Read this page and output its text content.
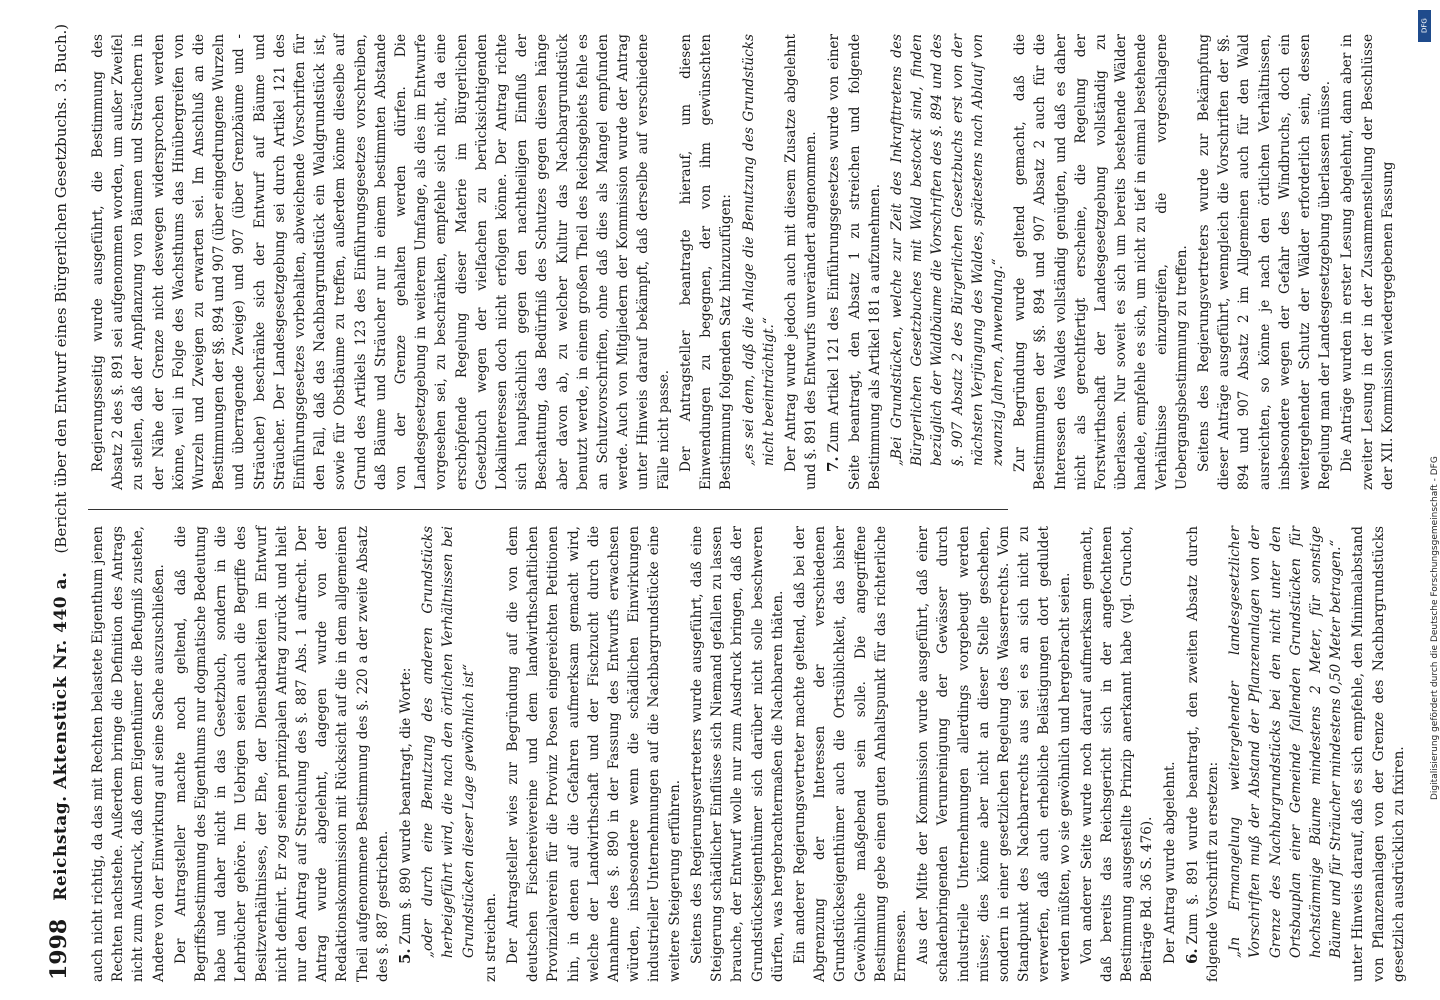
1998
Reichstag. Aktenstück Nr. 440 a.
(Bericht über den Entwurf eines Bürgerlichen Gesetzbuchs. 3. Buch.)

auch nicht richtig, da das mit Rechten belastete Eigenthum jenen Rechten nachstehe. Außerdem bringe die Definition des Antrags nicht zum Ausdruck, daß dem Eigenthümer die Befugniß zustehe, Andere von der Einwirkung auf seine Sache auszuschließen. Der Antragsteller machte noch geltend, daß die Begriffsbestimmung des Eigenthums nur dogmatische Bedeutung habe und daher nicht in das Gesetzbuch, sondern in die Lehrbücher gehöre. Im Uebrigen seien auch die Begriffe des Besitzverhältnisses, der Ehe, der Dienstbarkeiten im Entwurf nicht definirt. Er zog seinen prinzipalen Antrag zurück und hielt nur den Antrag auf Streichung des §. 887 Abs. 1 aufrecht. Der Antrag wurde abgelehnt, dagegen wurde von der Redaktionskommission mit Rücksicht auf die in dem allgemeinen Theil aufgenommene Bestimmung des §. 220 a der zweite Absatz des §. 887 gestrichen. 5.Zum §. 890 wurde beantragt, die Worte: „oder durch eine Benutzung des anderen Grundstücks herbeigeführt wird, die nach den örtlichen Verhältnissen bei Grundstücken dieser Lage gewöhnlich ist“ zu streichen. Der Antragsteller wies zur Begründung auf die von dem deutschen Fischereivereine und dem landwirthschaftlichen Provinzialverein für die Provinz Posen eingereichten Petitionen hin, in denen auf die Gefahren aufmerksam gemacht wird, welche der Landwirthschaft und der Fischzucht durch die Annahme des §. 890 in der Fassung des Entwurfs erwachsen würden, insbesondere wenn die schädlichen Einwirkungen industrieller Unternehmungen auf die Nachbargrundstücke eine weitere Steigerung erführen. Seitens des Regierungsvertreters wurde ausgeführt, daß eine Steigerung schädlicher Einflüsse sich Niemand gefallen zu lassen brauche, der Entwurf wolle nur zum Ausdruck bringen, daß der Grundstückseigenthümer sich darüber nicht solle beschweren dürfen, was hergebrachtermaßen die Nachbaren thäten. Ein anderer Regierungsvertreter machte geltend, daß bei der Abgrenzung der Interessen der verschiedenen Grundstückseigenthümer auch die Ortsüblichkeit, das bisher Gewöhnliche maßgebend sein solle. Die angegriffene Bestimmung gebe einen guten Anhaltspunkt für das richterliche Ermessen. Aus der Mitte der Kommission wurde ausgeführt, daß einer schadenbringenden Verunreinigung der Gewässer durch industrielle Unternehmungen allerdings vorgebeugt werden müsse; dies könne aber nicht an dieser Stelle geschehen, sondern in einer gesetzlichen Regelung des Wasserrechts. Vom Standpunkt des Nachbarrechts aus sei es an sich nicht zu verwerfen, daß auch erhebliche Belästigungen dort geduldet werden müßten, wo sie gewöhnlich und hergebracht seien. Von anderer Seite wurde noch darauf aufmerksam gemacht, daß bereits das Reichsgericht sich in der angefochtenen Bestimmung ausgestellte Prinzip anerkannt habe (vgl. Gruchot, Beiträge Bd. 36 S. 476). Der Antrag wurde abgelehnt. 6.Zum §. 891 wurde beantragt, den zweiten Absatz durch folgende Vorschrift zu ersetzen: „In Ermangelung weitergehender landesgesetzlicher Vorschriften muß der Abstand der Pflanzenanlagen von der Grenze des Nachbargrundstücks bei den nicht unter den Ortsbauplan einer Gemeinde fallenden Grundstücken für hochstämmige Bäume mindestens 2 Meter, für sonstige Bäume und für Sträucher mindestens 0,50 Meter betragen.“ unter Hinweis darauf, daß es sich empfehle, den Minimalabstand von Pflanzenanlagen von der Grenze des Nachbargrundstücks gesetzlich ausdrücklich zu fixiren.

Regierungsseitig wurde ausgeführt, die Bestimmung des Absatz 2 des §. 891 sei aufgenommen worden, um außer Zweifel zu stellen, daß der Anpflanzung von Bäumen und Sträuchern in der Nähe der Grenze nicht deswegen widersprochen werden könne, weil in Folge des Wachsthums das Hinübergreifen von Wurzeln und Zweigen zu erwarten sei. Im Anschluß an die Bestimmungen der §§. 894 und 907 (über eingedrungene Wurzeln und überragende Zweige) und 907 (über Grenzbäume und -Sträucher) beschränke sich der Entwurf auf Bäume und Sträucher. Der Landesgesetzgebung sei durch Artikel 121 des Einführungsgesetzes vorbehalten, abweichende Vorschriften für den Fall, daß das Nachbargrundstück ein Waldgrundstück ist, sowie für Obstbäume zu treffen, außerdem könne dieselbe auf Grund des Artikels 123 des Einführungsgesetzes vorschreiben, daß Bäume und Sträucher nur in einem bestimmten Abstande von der Grenze gehalten werden dürfen. Die Landesgesetzgebung in weiterem Umfange, als dies im Entwurfe vorgesehen sei, zu beschränken, empfehle sich nicht, da eine erschöpfende Regelung dieser Materie im Bürgerlichen Gesetzbuch wegen der vielfachen zu berücksichtigenden Lokalinteressen doch nicht erfolgen könne. Der Antrag richte sich hauptsächlich gegen den nachtheiligen Einfluß der Beschattung, das Bedürfniß des Schutzes gegen diesen hänge aber davon ab, zu welcher Kultur das Nachbargrundstück benutzt werde, in einem großen Theil des Reichsgebiets fehle es an Schutzvorschriften, ohne daß dies als Mangel empfunden werde. Auch von Mitgliedern der Kommission wurde der Antrag unter Hinweis darauf bekämpft, daß derselbe auf verschiedene Fälle nicht passe. Der Antragsteller beantragte hierauf, um diesen Einwendungen zu begegnen, der von ihm gewünschten Bestimmung folgenden Satz hinzuzufügen: „es sei denn, daß die Anlage die Benutzung des Grundstücks nicht beeinträchtigt.“ Der Antrag wurde jedoch auch mit diesem Zusatze abgelehnt und §. 891 des Entwurfs unverändert angenommen. 7.Zum Artikel 121 des Einführungsgesetzes wurde von einer Seite beantragt, den Absatz 1 zu streichen und folgende Bestimmung als Artikel 181 a aufzunehmen. „Bei Grundstücken, welche zur Zeit des Inkrafttretens des Bürgerlichen Gesetzbuches mit Wald bestockt sind, finden bezüglich der Waldbäume die Vorschriften des §. 894 und des §. 907 Absatz 2 des Bürgerlichen Gesetzbuchs erst von der nächsten Verjüngung des Waldes, spätestens nach Ablauf von zwanzig Jahren, Anwendung.“ Zur Begründung wurde geltend gemacht, daß die Bestimmungen der §§. 894 und 907 Absatz 2 auch für die Interessen des Waldes vollständig genügten, und daß es daher nicht als gerechtfertigt erscheine, die Regelung der Forstwirthschaft der Landesgesetzgebung vollständig zu überlassen. Nur soweit es sich um bereits bestehende Wälder handele, empfehle es sich, um nicht zu tief in einmal bestehende Verhältnisse einzugreifen, die vorgeschlagene Uebergangsbestimmung zu treffen. Seitens des Regierungsvertreters wurde zur Bekämpfung dieser Anträge ausgeführt, wenngleich die Vorschriften der §§. 894 und 907 Absatz 2 im Allgemeinen auch für den Wald ausreichten, so könne je nach den örtlichen Verhältnissen, insbesondere wegen der Gefahr des Windbruchs, doch ein weitergehender Schutz der Wälder erforderlich sein, dessen Regelung man der Landesgesetzgebung überlassen müsse. Die Anträge wurden in erster Lesung abgelehnt, dann aber in zweiter Lesung in der in der Zusammenstellung der Beschlüsse der XII. Kommission wiedergegebenen Fassung

Digitalisierung gefördert durch die Deutsche Forschungsgemeinschaft - DFG
DFG
